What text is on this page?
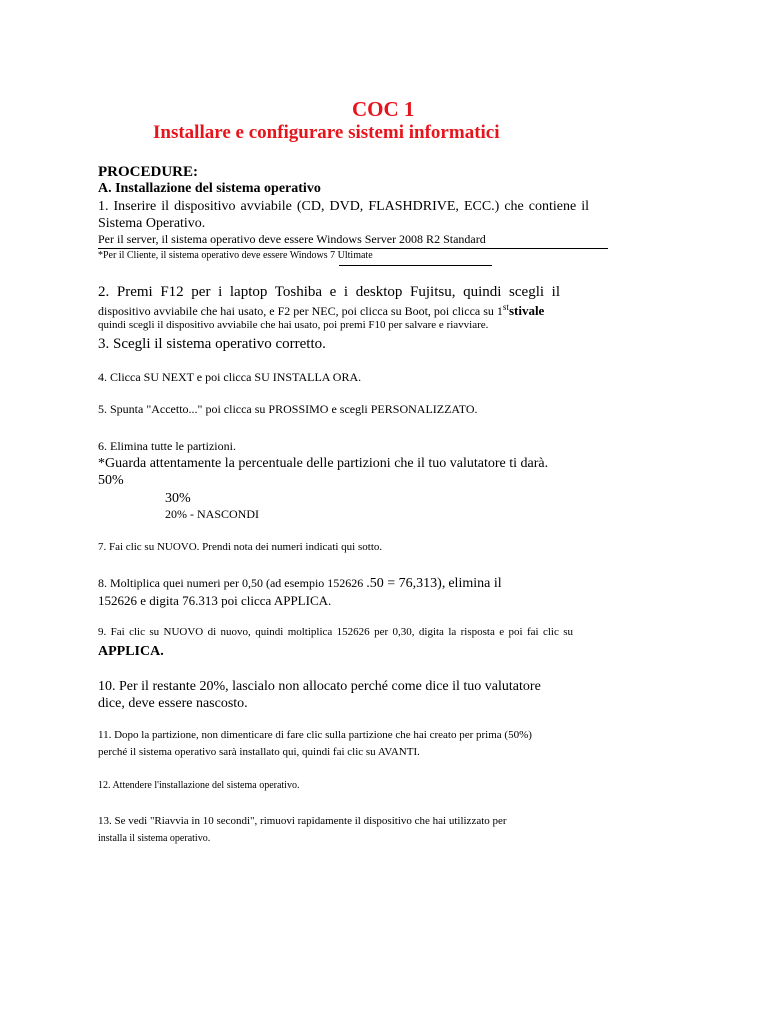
COC 1
Installare e configurare sistemi informatici
PROCEDURE:
A. Installazione del sistema operativo
1. Inserire il dispositivo avviabile (CD, DVD, FLASHDRIVE, ECC.) che contiene il
Sistema Operativo.
Per il server, il sistema operativo deve essere Windows Server 2008 R2 Standard
*Per il Cliente, il sistema operativo deve essere Windows 7 Ultimate
2. Premi F12 per i laptop Toshiba e i desktop Fujitsu, quindi scegli il
dispositivo avviabile che hai usato, e F2 per NEC, poi clicca su Boot, poi clicca su 1ststivale
quindi scegli il dispositivo avviabile che hai usato, poi premi F10 per salvare e riavviare.
3. Scegli il sistema operativo corretto.
4. Clicca SU NEXT e poi clicca SU INSTALLA ORA.
5. Spunta "Accetto..." poi clicca su PROSSIMO e scegli PERSONALIZZATO.
6. Elimina tutte le partizioni.
*Guarda attentamente la percentuale delle partizioni che il tuo valutatore ti darà.
50%
30%
20% - NASCONDI
7. Fai clic su NUOVO. Prendi nota dei numeri indicati qui sotto.
8. Moltiplica quei numeri per 0,50 (ad esempio 152626 .50 = 76,313), elimina il
152626 e digita 76.313 poi clicca APPLICA.
9. Fai clic su NUOVO di nuovo, quindi moltiplica 152626 per 0,30, digita la risposta e poi fai clic su
APPLICA.
10. Per il restante 20%, lascialo non allocato perché come dice il tuo valutatore
dice, deve essere nascosto.
11. Dopo la partizione, non dimenticare di fare clic sulla partizione che hai creato per prima (50%)
perché il sistema operativo sarà installato qui, quindi fai clic su AVANTI.
12. Attendere l'installazione del sistema operativo.
13. Se vedi "Riavvia in 10 secondi", rimuovi rapidamente il dispositivo che hai utilizzato per
installa il sistema operativo.
